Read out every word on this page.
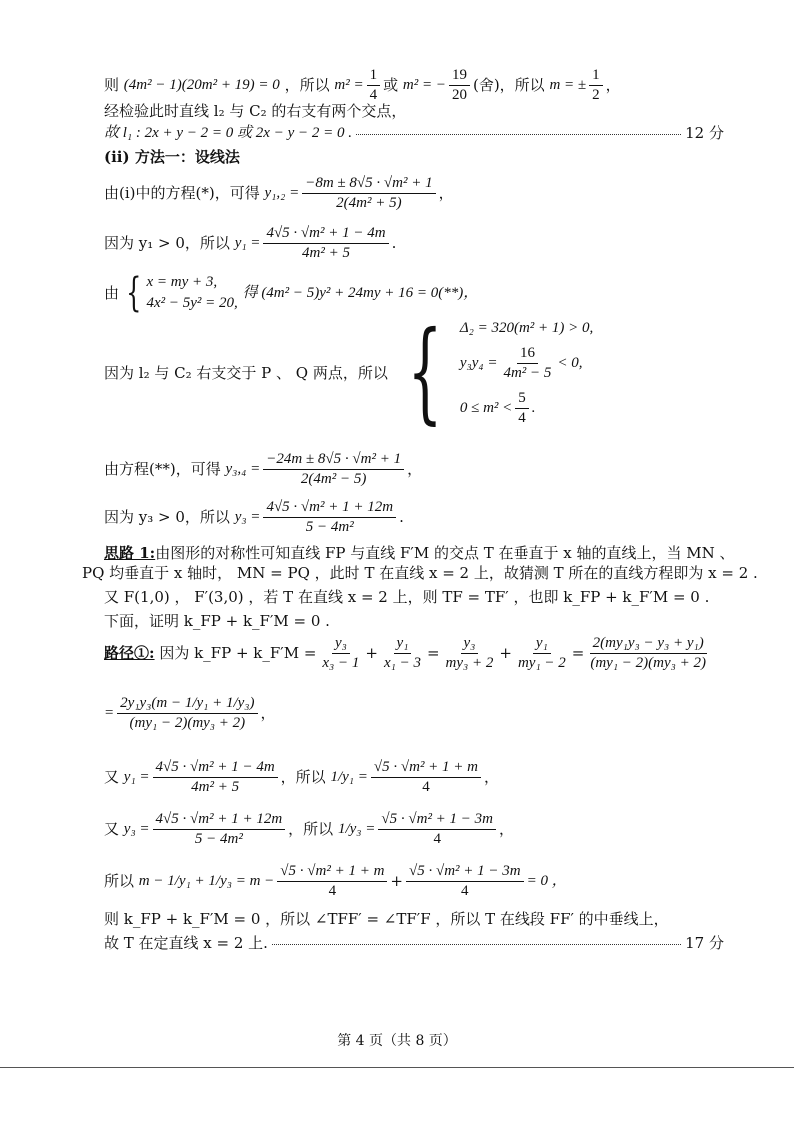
则
(4m² − 1)(20m² + 19) = 0
，所以
$m^2 = \frac{1}{4}$ 或
m² = − $\frac{19}{20}$ (舍)，所以
m = ± $\frac{1}{2}$ ，
经检验此时直线 l₂ 与 C₂ 的右支有两个交点，
故 l₁ : 2x + y − 2 = 0 或 2x − y − 2 = 0 .	12 分
(ii) 方法一：设线法
由(i)中的方程(*)，可得
$y_1,_2 = \frac{\text{−8m ± 8√5 · √m² + 1}}{\text{2(4m² + 5)}}$ ，
因为 y₁ > 0，所以
$y_1 = \frac{\text{4√5 · √m² + 1 − 4m}}{\text{4m² + 5}}$ .
由 { x = my + 3,
4x² − 5y² = 20,

得 (4m² − 5)y² + 24my + 16 = 0(**)，
因为 l₂ 与 C₂ 右支交于 P 、 Q 两点，所以 { Δ₂ = 320(m² + 1) > 0,
$y_3y_4 = \frac{16}{\text{4m² − 5}} < 0$,
$0 \le m^2 < \frac{5}{4}$ .
由方程(**)，可得
$y_3,_4 = \frac{\text{−24m ± 8√5 · √m² + 1}}{\text{2(4m² − 5)}}$ ，
因为 y₃ > 0，所以
$y_3 = \frac{\text{4√5 · √m² + 1 + 12m}}{\text{5 − 4m²}}$ .
思路 1: 由图形的对称性可知直线 FP 与直线 F′M 的交点 T 在垂直于 x 轴的直线上，当 MN 、
PQ 均垂直于 x 轴时， MN = PQ ，此时 T 在直线 x = 2 上，故猜测 T 所在的直线方程即为 x = 2 .
又 F(1,0) ， F′(3,0) ，若 T 在直线 x = 2 上，则 TF = TF′ ，也即 k_FP + k_F′M = 0 .
下面，证明 k_FP + k_F′M = 0 .
路径①:
因为 k_FP + k_F′M = $\frac{\text{y₃}}{\text{x₃ − 1}} + \frac{\text{y₁}}{\text{x₁ − 3}} = \frac{\text{y₃}}{\text{my₃ + 2}} + \frac{\text{y₁}}{\text{my₁ − 2}} = \frac{\text{2(my₁y₃ − y₃ + y₁)}}{\text{(my₁ − 2)(my₃ + 2)}}$
= $\frac{\text{2y₁y₃(m − 1/y₁ + 1/y₃)}}{\text{(my₁ − 2)(my₃ + 2)}}$ ，
又
$y_1 = \frac{\text{4√5 · √m² + 1 − 4m}}{\text{4m² + 5}}$ ，所以
$1/y_1 = \frac{\text{√5 · √m² + 1 + m}}{4}$ ，
又
$y_3 = \frac{\text{4√5 · √m² + 1 + 12m}}{\text{5 − 4m²}}$ ，所以
$1/y_3 = \frac{\text{√5 · √m² + 1 − 3m}}{4}$ ，
所以
$m - 1/y_1 + 1/y_3 = m - \frac{\text{√5 · √m² + 1 + m}}{4} + \frac{\text{√5 · √m² + 1 − 3m}}{4} = 0$ ，
则 k_FP + k_F′M = 0 ，所以 ∠TFF′ = ∠TF′F ，所以 T 在线段 FF′ 的中垂线上，
故 T 在定直线 x = 2 上.	17 分
第 4 页（共 8 页）
